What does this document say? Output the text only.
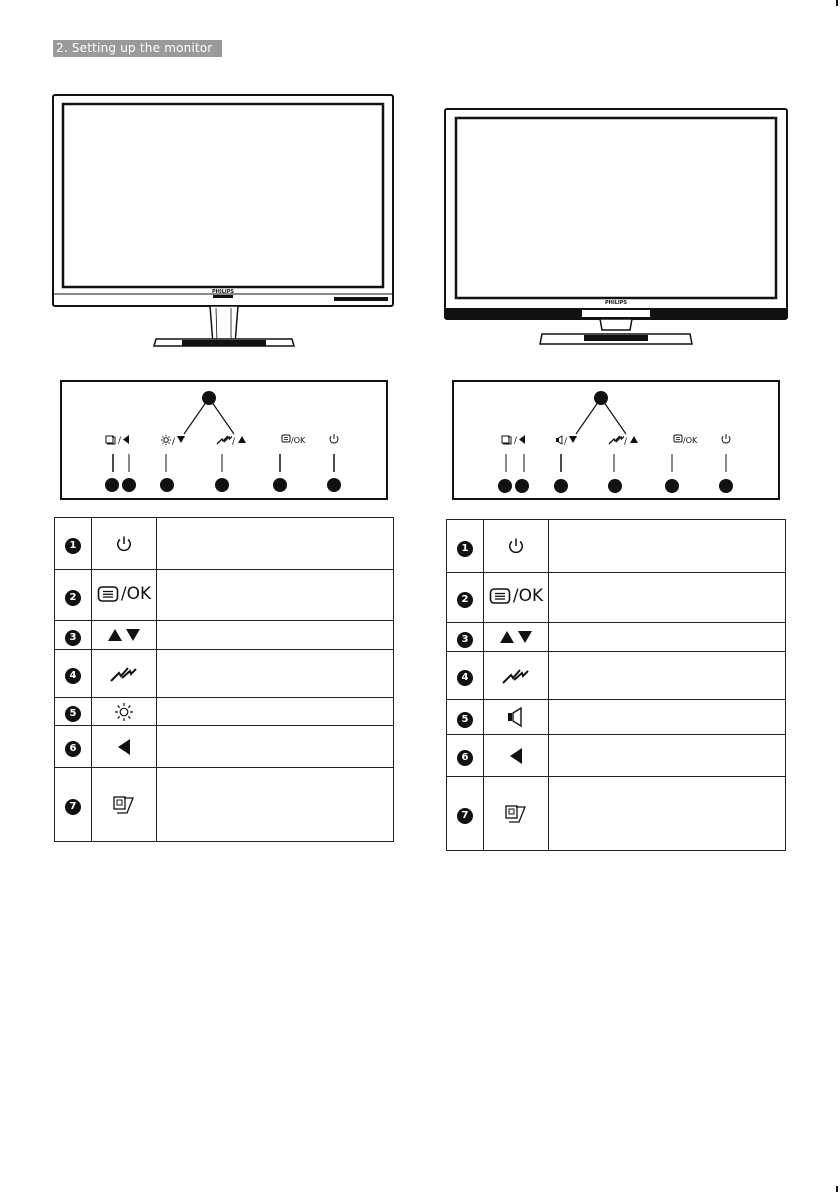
2. Setting up the monitor
PHILIPS
PHILIPS
/	/	/	/OK	/	/	/	/OK
1	

2	/OK	

3	

4	

5	

6	

7	

1	

2	/OK	

3	

4	

5	

6	

7	
